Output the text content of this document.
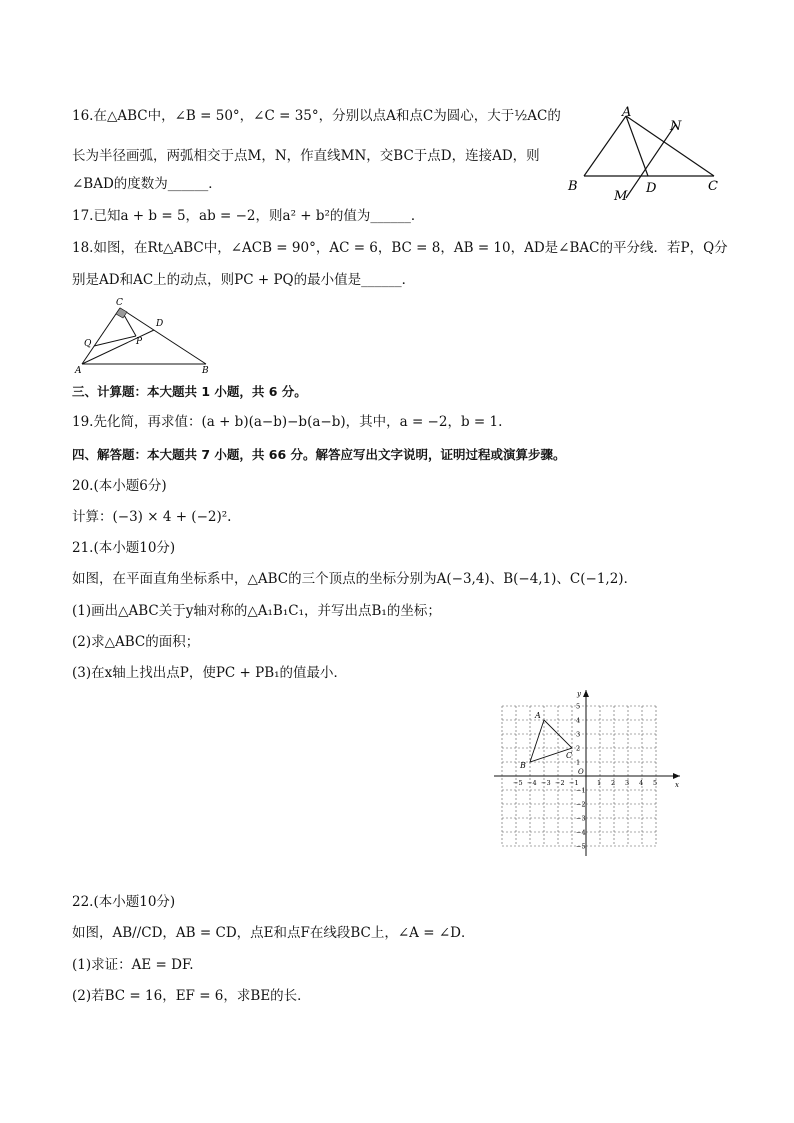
16.在△ABC中，∠B = 50°，∠C = 35°，分别以点A和点C为圆心，大于½AC的
长为半径画弧，两弧相交于点M，N，作直线MN，交BC于点D，连接AD，则
∠BAD的度数为______．
A
N
B
M
D	C
17.已知a + b = 5，ab = −2，则a² + b²的值为______．
18.如图，在Rt△ABC中，∠ACB = 90°，AC = 6，BC = 8，AB = 10，AD是∠BAC的平分线．若P，Q分
别是AD和AC上的动点，则PC + PQ的最小值是______．
C
D
Q	P
A	B
三、计算题：本大题共 1 小题，共 6 分。
19.先化简，再求值：(a + b)(a−b)−b(a−b)，其中，a = −2，b = 1.
四、解答题：本大题共 7 小题，共 66 分。解答应写出文字说明，证明过程或演算步骤。
20.(本小题6分)
计算：(−3) × 4 + (−2)².
21.(本小题10分)
如图，在平面直角坐标系中，△ABC的三个顶点的坐标分别为A(−3,4)、B(−4,1)、C(−1,2)．
(1)画出△ABC关于y轴对称的△A₁B₁C₁，并写出点B₁的坐标；
(2)求△ABC的面积；
(3)在x轴上找出点P，使PC + PB₁的值最小．
x
y
O
−5 −4 −3 −2 −1	1 2 3 4 5
5
4
3
2
1
−1
−2
−3
−4
−5
A
B
C
22.(本小题10分)
如图，AB//CD，AB = CD，点E和点F在线段BC上，∠A = ∠D．
(1)求证：AE = DF.
(2)若BC = 16，EF = 6，求BE的长．
